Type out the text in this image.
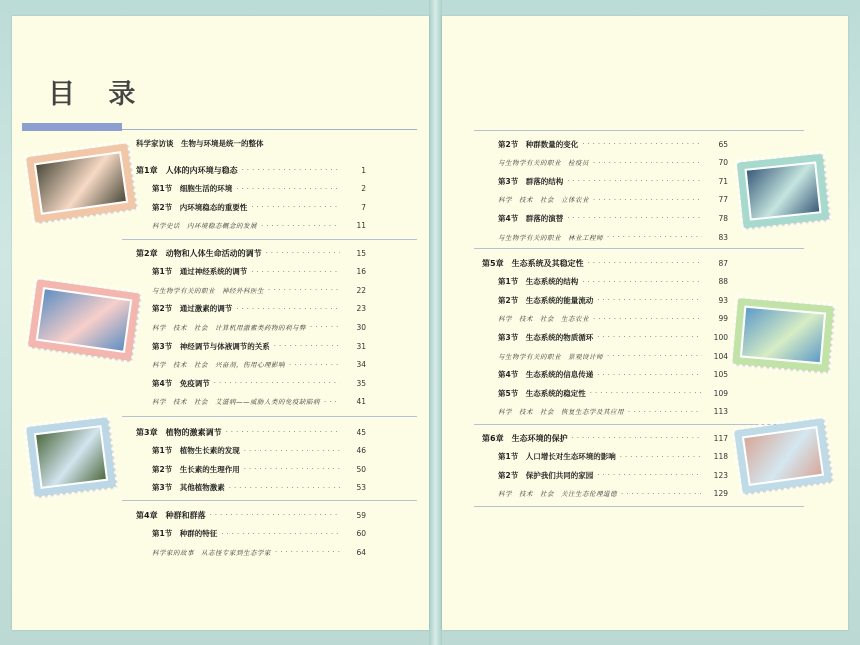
目 录
科学家访谈　生物与环境是统一的整体
第1章　人体的内环境与稳态 ·····	1
第1节　细胞生活的环境 ·····	2
第2节　内环境稳态的重要性 ·····	7
科学史话　内环境稳态概念的发展 ·····	11
第2章　动物和人体生命活动的调节 ·····	15
第1节　通过神经系统的调节 ·····	16
与生物学有关的职业　神经外科医生 ·····	22
第2节　通过激素的调节 ·····	23
科学　技术　社会　计算机用激素类药物的利与弊 ·····	30
第3节　神经调节与体液调节的关系 ·····	31
科学　技术　社会　兴奋剂，伤用心理影响 ·····	34
第4节　免疫调节 ·····	35
科学　技术　社会　艾滋病——威胁人类的免疫缺陷病 ·····	41
第3章　植物的激素调节 ·····	45
第1节　植物生长素的发现 ·····	46
第2节　生长素的生理作用 ·····	50
第3节　其他植物激素 ·····	53
第4章　种群和群落 ·····	59
第1节　种群的特征 ·····	60
科学家的故事　从志怪专家到生态学家 ·····	64
第2节　种群数量的变化 ·····	65
与生物学有关的职业　检疫员 ·····	70
第3节　群落的结构 ·····	71
科学　技术　社会　立体农业 ·····	77
第4节　群落的演替 ·····	78
与生物学有关的职业　林业工程师 ·····	83
第5章　生态系统及其稳定性 ·····	87
第1节　生态系统的结构 ·····	88
第2节　生态系统的能量流动 ·····	93
科学　技术　社会　生态农业 ·····	99
第3节　生态系统的物质循环 ·····	100
与生物学有关的职业　景观设计师 ·····	104
第4节　生态系统的信息传递 ·····	105
第5节　生态系统的稳定性 ·····	109
科学　技术　社会　恢复生态学及其应用 ·····	113
第6章　生态环境的保护 ·····	117
第1节　人口增长对生态环境的影响 ·····	118
第2节　保护我们共同的家园 ·····	123
科学　技术　社会　关注生态伦理道德 ·····	129
